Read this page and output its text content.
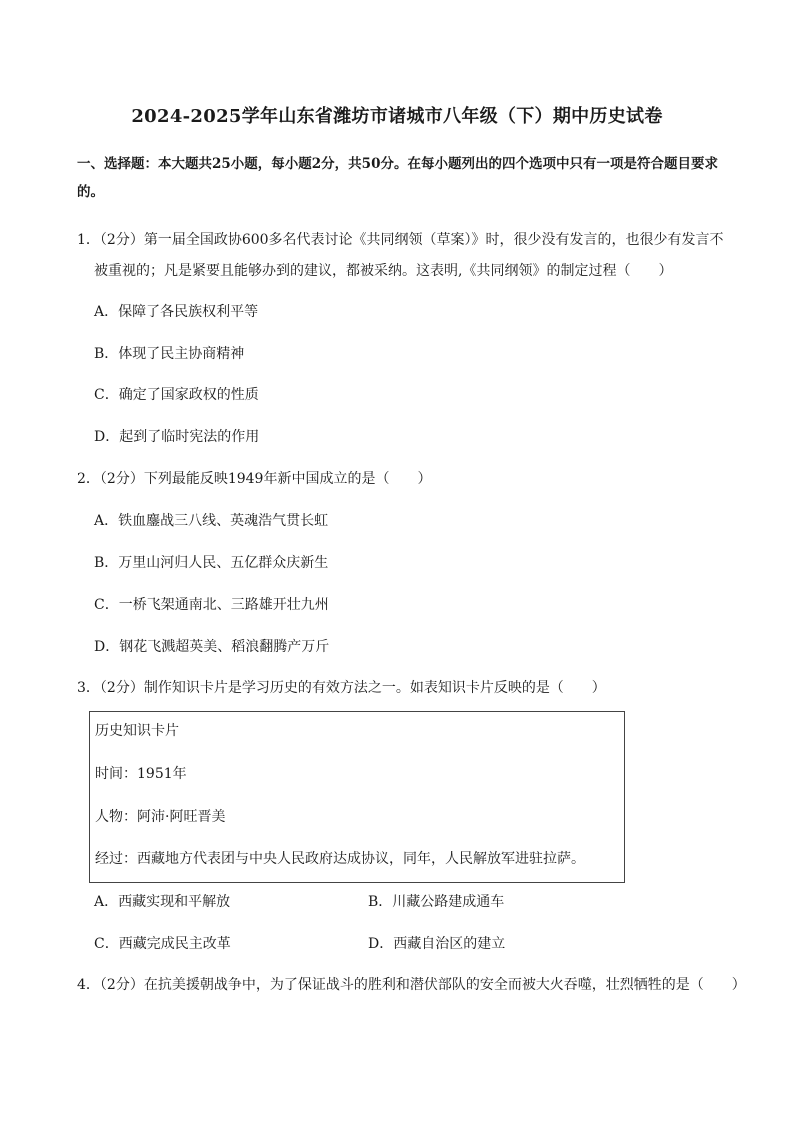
2024-2025学年山东省潍坊市诸城市八年级（下）期中历史试卷
一、选择题：本大题共25小题，每小题2分，共50分。在每小题列出的四个选项中只有一项是符合题目要求的。
1．（2分）第一届全国政协600多名代表讨论《共同纲领（草案）》时，很少没有发言的，也很少有发言不
被重视的；凡是紧要且能够办到的建议，都被采纳。这表明,《共同纲领》的制定过程（　　）
A．保障了各民族权利平等
B．体现了民主协商精神
C．确定了国家政权的性质
D．起到了临时宪法的作用
2．（2分）下列最能反映1949年新中国成立的是（　　）
A．铁血鏖战三八线、英魂浩气贯长虹
B．万里山河归人民、五亿群众庆新生
C．一桥飞架通南北、三路雄开壮九州
D．钢花飞溅超英美、稻浪翻腾产万斤
3．（2分）制作知识卡片是学习历史的有效方法之一。如表知识卡片反映的是（　　）
历史知识卡片
时间：1951年
人物：阿沛·阿旺晋美
经过：西藏地方代表团与中央人民政府达成协议，同年，人民解放军进驻拉萨。
A．西藏实现和平解放	B．川藏公路建成通车
C．西藏完成民主改革	D．西藏自治区的建立
4．（2分）在抗美援朝战争中，为了保证战斗的胜利和潜伏部队的安全而被大火吞噬，壮烈牺牲的是（　　）
